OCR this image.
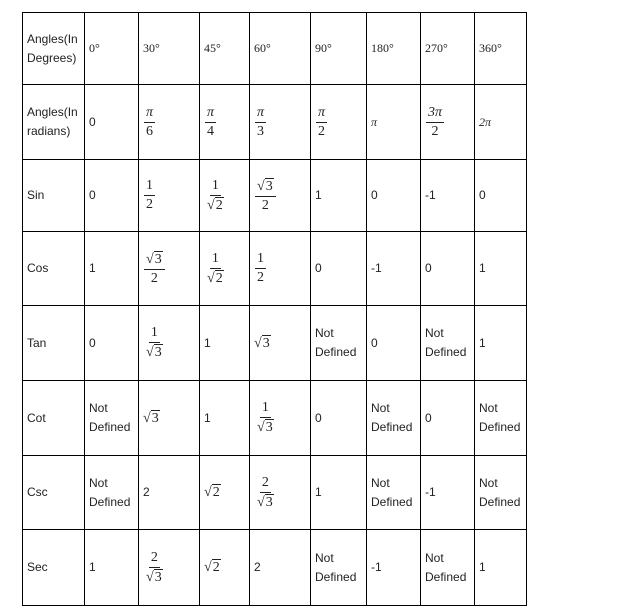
Angles(In Degrees)	0°	30°	45°	60°	90°	180°	270°	360°
Angles(In radians)	0	$\frac{\pi}{6}$	$\frac{\pi}{4}$	$\frac{\pi}{3}$	$\frac{\pi}{2}$	π	$\frac{3\pi}{2}$	2π
Sin	0	$\frac{1}{2}$	$\frac{1}{√2}$	$\frac{√3}{2}$	1	0	-1	0
Cos	1	$\frac{√3}{2}$	$\frac{1}{√2}$	$\frac{1}{2}$	0	-1	0	1
Tan	0	$\frac{1}{√3}$	1	√3	Not Defined	0	Not Defined	1
Cot	Not Defined	√3	1	$\frac{1}{√3}$	0	Not Defined	0	Not Defined
Csc	Not Defined	2	√2	$\frac{2}{√3}$	1	Not Defined	-1	Not Defined
Sec	1	$\frac{2}{√3}$	√2	2	Not Defined	-1	Not Defined	1
